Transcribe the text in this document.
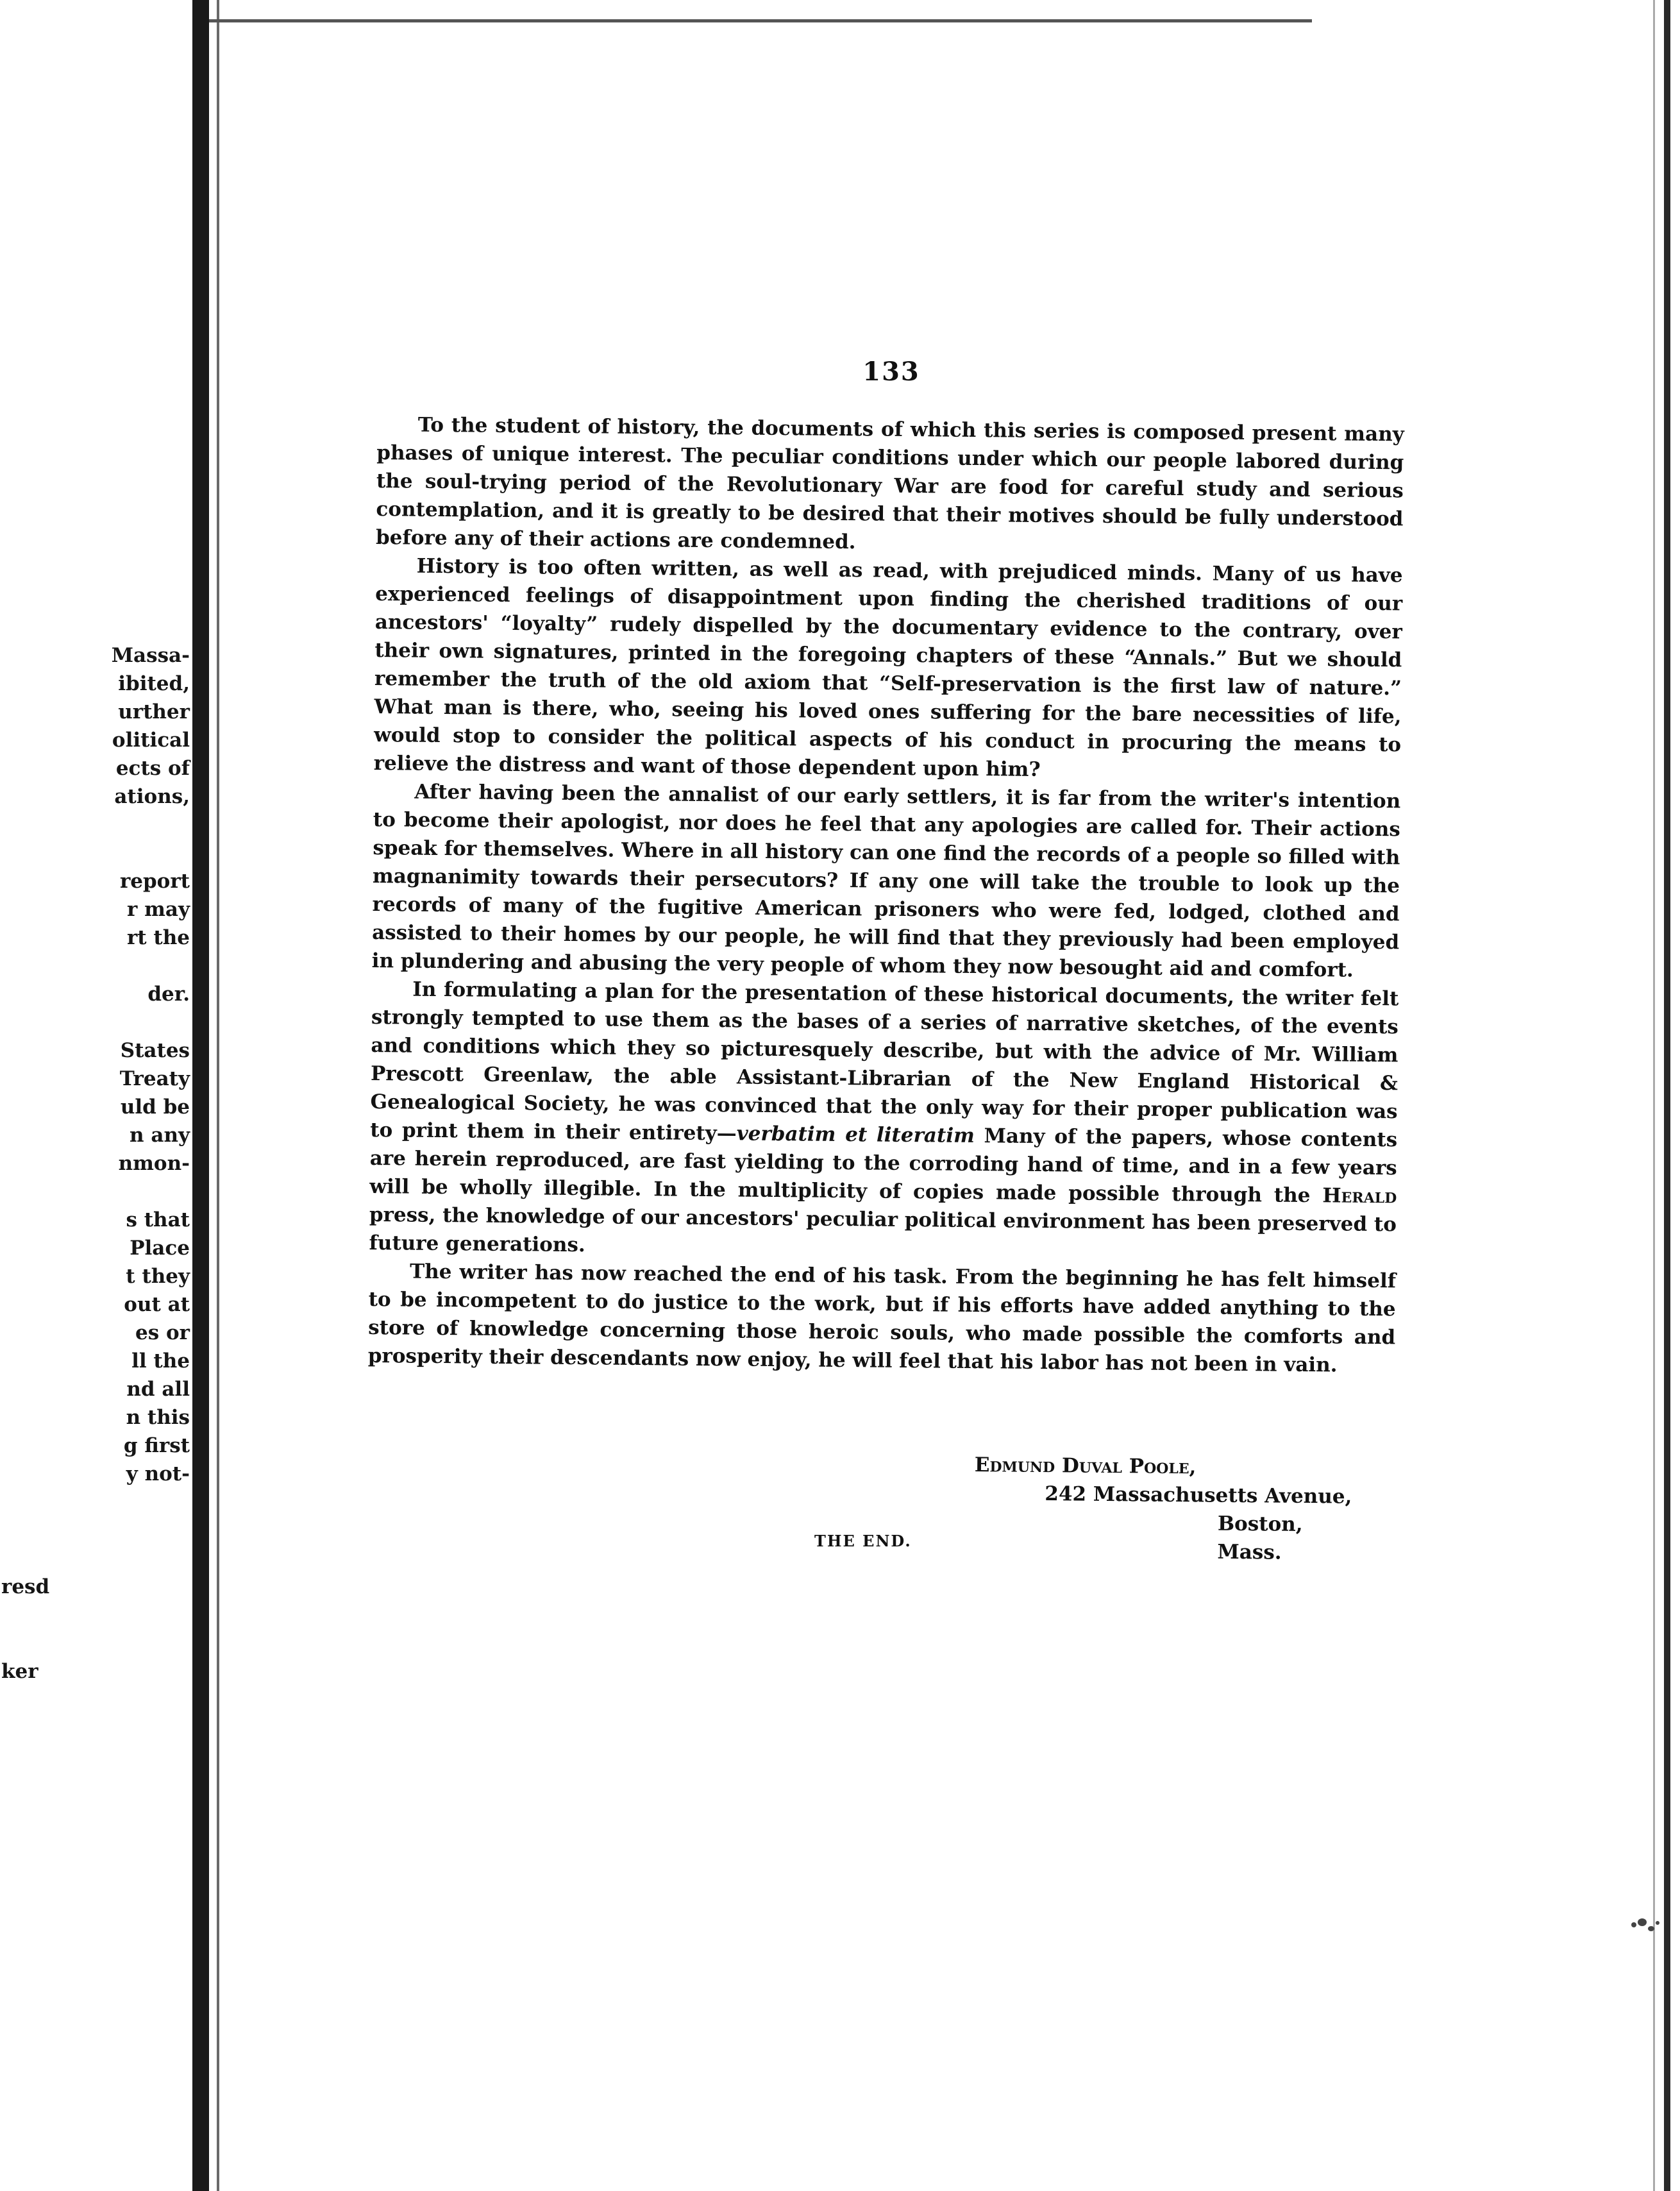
Massa-
ibited,
urther
olitical
ects of
ations,
report
r may
rt the
der.
States
Treaty
uld be
n any
nmon-
s that
Place
t they
out at
es or
ll the
nd all
n this
g first
y not-
resd
ker
133

To the student of history, the documents of which this series is composed present many phases of unique interest. The peculiar conditions under which our people labored during the soul-trying period of the Revolutionary War are food for careful study and serious contemplation, and it is greatly to be desired that their motives should be fully understood before any of their actions are condemned.

History is too often written, as well as read, with prejudiced minds. Many of us have experienced feelings of disappointment upon finding the cherished traditions of our ancestors' “loyalty” rudely dispelled by the documentary evidence to the contrary, over their own signatures, printed in the foregoing chapters of these “Annals.” But we should remember the truth of the old axiom that “Self-preservation is the first law of nature.” What man is there, who, seeing his loved ones suffering for the bare necessities of life, would stop to consider the political aspects of his conduct in procuring the means to relieve the distress and want of those dependent upon him?

After having been the annalist of our early settlers, it is far from the writer's intention to become their apologist, nor does he feel that any apologies are called for. Their actions speak for themselves. Where in all history can one find the records of a people so filled with magnanimity towards their persecutors? If any one will take the trouble to look up the records of many of the fugitive American prisoners who were fed, lodged, clothed and assisted to their homes by our people, he will find that they previously had been employed in plundering and abusing the very people of whom they now besought aid and comfort.

In formulating a plan for the presentation of these historical documents, the writer felt strongly tempted to use them as the bases of a series of narrative sketches, of the events and conditions which they so picturesquely describe, but with the advice of Mr. William Prescott Greenlaw, the able Assistant-Librarian of the New England Historical & Genealogical Society, he was convinced that the only way for their proper publication was to print them in their entirety—verbatim et literatim Many of the papers, whose contents are herein reproduced, are fast yielding to the corroding hand of time, and in a few years will be wholly illegible. In the multiplicity of copies made possible through the Herald press, the knowledge of our ancestors' peculiar political environment has been preserved to future generations.

The writer has now reached the end of his task. From the beginning he has felt himself to be incompetent to do justice to the work, but if his efforts have added anything to the store of knowledge concerning those heroic souls, who made possible the comforts and prosperity their descendants now enjoy, he will feel that his labor has not been in vain.

Edmund Duval Poole,
242 Massachusetts Avenue,
Boston, Mass.
THE END.
